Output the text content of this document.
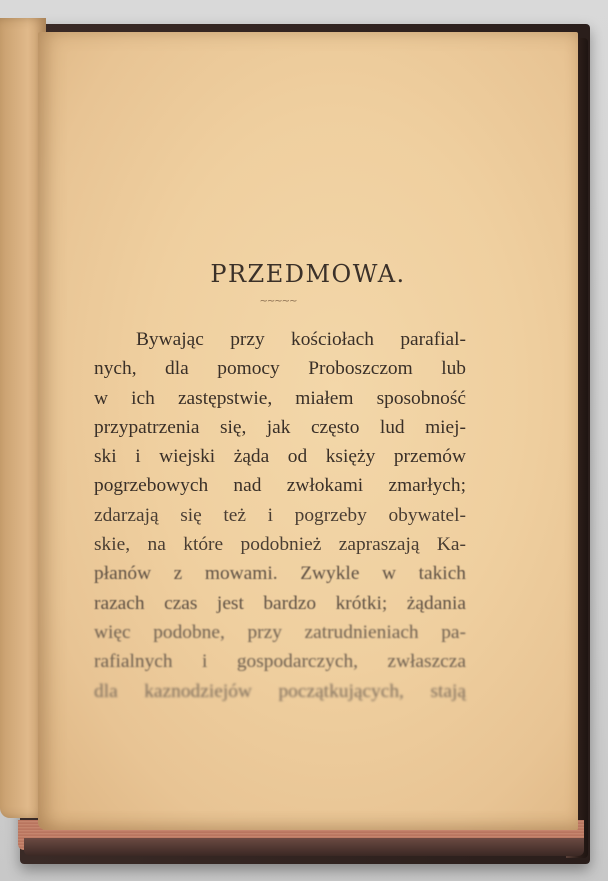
PRZEDMOWA.
~~~~~
Bywając przy kościołach parafial-
nych, dla pomocy Proboszczom lub
w ich zastępstwie, miałem sposobność
przypatrzenia się, jak często lud miej-
ski i wiejski żąda od księży przemów
pogrzebowych nad zwłokami zmarłych;
zdarzają się też i pogrzeby obywatel-
skie, na które podobnież zapraszają Ka-
płanów z mowami. Zwykle w takich
razach czas jest bardzo krótki; żądania
więc podobne, przy zatrudnieniach pa-
rafialnych i gospodarczych, zwłaszcza
dla kaznodziejów początkujących, stają
